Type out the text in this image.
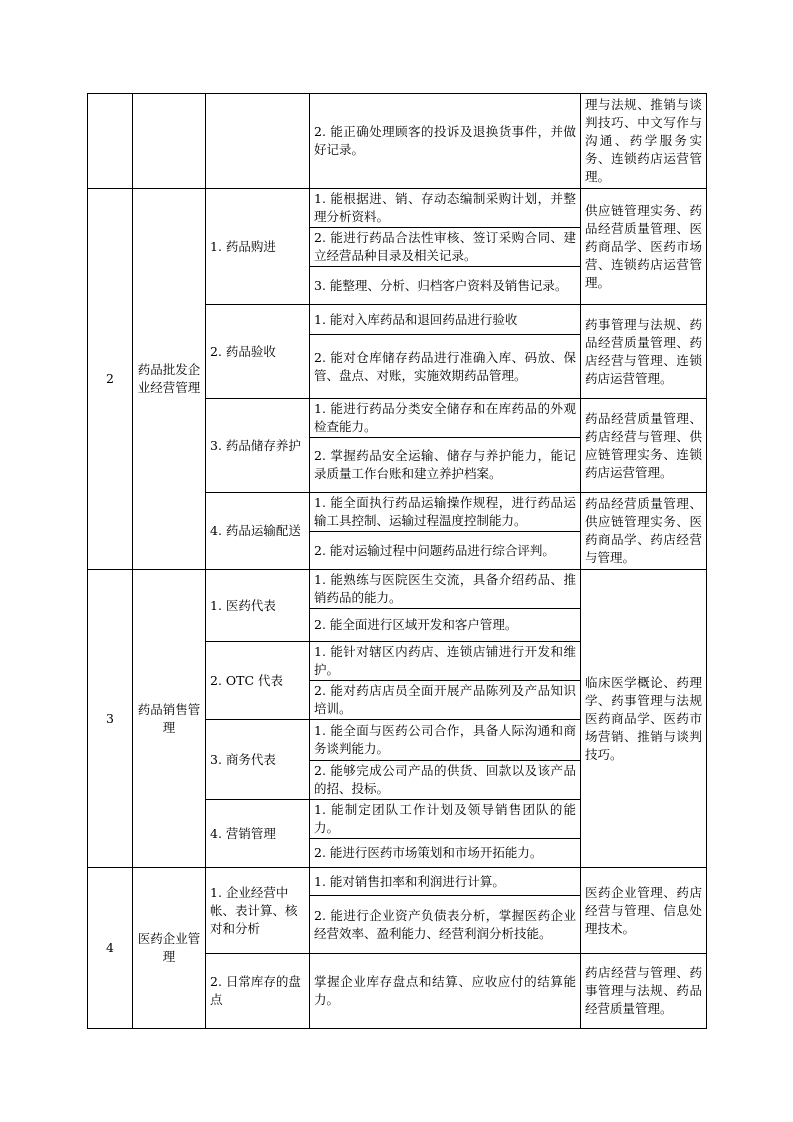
			2. 能正确处理顾客的投诉及退换货事件，并做好记录。	理与法规、推销与谈判技巧、中文写作与沟通、药学服务实务、连锁药店运营管理。
2	药品批发企业经营管理	1. 药品购进	1. 能根据进、销、存动态编制采购计划，并整理分析资料。	供应链管理实务、药品经营质量管理、医药商品学、医药市场营、连锁药店运营管理。
			2. 能进行药品合法性审核、签订采购合同、建立经营品种目录及相关记录。	
			3. 能整理、分析、归档客户资料及销售记录。	
		2. 药品验收	1. 能对入库药品和退回药品进行验收	药事管理与法规、药品经营质量管理、药店经营与管理、连锁药店运营管理。
			2. 能对仓库储存药品进行准确入库、码放、保管、盘点、对账，实施效期药品管理。	
		3. 药品储存养护	1. 能进行药品分类安全储存和在库药品的外观检查能力。	药品经营质量管理、药店经营与管理、供应链管理实务、连锁药店运营管理。
			2. 掌握药品安全运输、储存与养护能力，能记录质量工作台账和建立养护档案。	
		4. 药品运输配送	1. 能全面执行药品运输操作规程，进行药品运输工具控制、运输过程温度控制能力。	药品经营质量管理、供应链管理实务、医药商品学、药店经营与管理。
			2. 能对运输过程中问题药品进行综合评判。	
3	药品销售管理	1. 医药代表	1. 能熟练与医院医生交流，具备介绍药品、推销药品的能力。	临床医学概论、药理学、药事管理与法规医药商品学、医药市场营销、推销与谈判技巧。
			2. 能全面进行区域开发和客户管理。	
		2. OTC 代表	1. 能针对辖区内药店、连锁店铺进行开发和维护。	
			2. 能对药店店员全面开展产品陈列及产品知识培训。	
		3. 商务代表	1. 能全面与医药公司合作，具备人际沟通和商务谈判能力。	
			2. 能够完成公司产品的供货、回款以及该产品的招、投标。	
		4. 营销管理	1. 能制定团队工作计划及领导销售团队的能力。	
			2. 能进行医药市场策划和市场开拓能力。	
4	医药企业管理	1. 企业经营中帐、表计算、核对和分析	1. 能对销售扣率和利润进行计算。	医药企业管理、药店经营与管理、信息处理技术。
			2. 能进行企业资产负债表分析，掌握医药企业经营效率、盈利能力、经营利润分析技能。	
		2. 日常库存的盘点	掌握企业库存盘点和结算、应收应付的结算能力。	药店经营与管理、药事管理与法规、药品经营质量管理。
